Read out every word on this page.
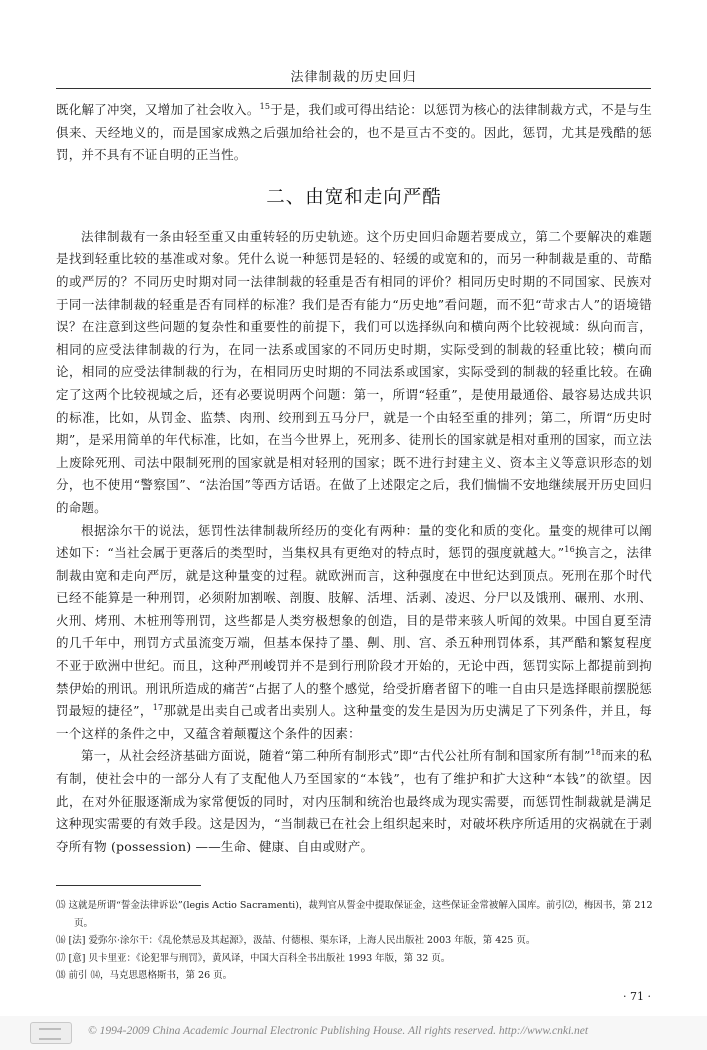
法律制裁的历史回归

既化解了冲突，又增加了社会收入。$^{15}$于是，我们或可得出结论：以惩罚为核心的法律制裁方式，不是与生俱来、天经地义的，而是国家成熟之后强加给社会的，也不是亘古不变的。因此，惩罚，尤其是残酷的惩罚，并不具有不证自明的正当性。

二、由宽和走向严酷

法律制裁有一条由轻至重又由重转轻的历史轨迹。这个历史回归命题若要成立，第二个要解决的难题是找到轻重比较的基准或对象。凭什么说一种惩罚是轻的、轻缓的或宽和的，而另一种制裁是重的、苛酷的或严厉的？不同历史时期对同一法律制裁的轻重是否有相同的评价？相同历史时期的不同国家、民族对于同一法律制裁的轻重是否有同样的标准？我们是否有能力“历史地”看问题，而不犯“苛求古人”的语境错误？在注意到这些问题的复杂性和重要性的前提下，我们可以选择纵向和横向两个比较视域：纵向而言，相同的应受法律制裁的行为，在同一法系或国家的不同历史时期，实际受到的制裁的轻重比较；横向而论，相同的应受法律制裁的行为，在相同历史时期的不同法系或国家，实际受到的制裁的轻重比较。在确定了这两个比较视域之后，还有必要说明两个问题：第一，所谓“轻重”，是使用最通俗、最容易达成共识的标准，比如，从罚金、监禁、肉刑、绞刑到五马分尸，就是一个由轻至重的排列；第二，所谓“历史时期”，是采用简单的年代标准，比如，在当今世界上，死刑多、徒刑长的国家就是相对重刑的国家，而立法上废除死刑、司法中限制死刑的国家就是相对轻刑的国家；既不进行封建主义、资本主义等意识形态的划分，也不使用“警察国”、“法治国”等西方话语。在做了上述限定之后，我们惴惴不安地继续展开历史回归的命题。

根据涂尔干的说法，惩罚性法律制裁所经历的变化有两种：量的变化和质的变化。量变的规律可以阐述如下：“当社会属于更落后的类型时，当集权具有更绝对的特点时，惩罚的强度就越大。”$^{16}$换言之，法律制裁由宽和走向严厉，就是这种量变的过程。就欧洲而言，这种强度在中世纪达到顶点。死刑在那个时代已经不能算是一种刑罚，必须附加割喉、剖腹、肢解、活埋、活剥、凌迟、分尸以及饿刑、碾刑、水刑、火刑、烤刑、木桩刑等刑罚，这些都是人类穷极想象的创造，目的是带来骇人听闻的效果。中国自夏至清的几千年中，刑罚方式虽流变万端，但基本保持了墨、劓、刖、宫、杀五种刑罚体系，其严酷和繁复程度不亚于欧洲中世纪。而且，这种严刑峻罚并不是到行刑阶段才开始的，无论中西，惩罚实际上都提前到拘禁伊始的刑讯。刑讯所造成的痛苦“占据了人的整个感觉，给受折磨者留下的唯一自由只是选择眼前摆脱惩罚最短的捷径”，$^{17}$那就是出卖自己或者出卖别人。这种量变的发生是因为历史满足了下列条件，并且，每一个这样的条件之中，又蕴含着颠覆这个条件的因素：

第一，从社会经济基础方面说，随着“第二种所有制形式”即“古代公社所有制和国家所有制”$^{18}$而来的私有制，使社会中的一部分人有了支配他人乃至国家的“本钱”，也有了维护和扩大这种“本钱”的欲望。因此，在对外征服逐渐成为家常便饭的同时，对内压制和统治也最终成为现实需要，而惩罚性制裁就是满足这种现实需要的有效手段。这是因为，“当制裁已在社会上组织起来时，对破坏秩序所适用的灾祸就在于剥夺所有物 (possession) ——生命、健康、自由或财产。

⒂ 这就是所谓“誓金法律诉讼”(legis Actio Sacramenti)，裁判官从誓金中提取保证金，这些保证金常被解入国库。前引⑵，梅因书，第 212 页。

⒃ [法] 爱弥尔·涂尔干：《乱伦禁忌及其起源》，汲喆、付德根、渠东译，上海人民出版社 2003 年版，第 425 页。

⒄ [意] 贝卡里亚：《论犯罪与刑罚》，黄风译，中国大百科全书出版社 1993 年版，第 32 页。

⒅ 前引 ⒁，马克思恩格斯书，第 26 页。

· 71 ·
© 1994-2009 China Academic Journal Electronic Publishing House. All rights reserved. http://www.cnki.net
